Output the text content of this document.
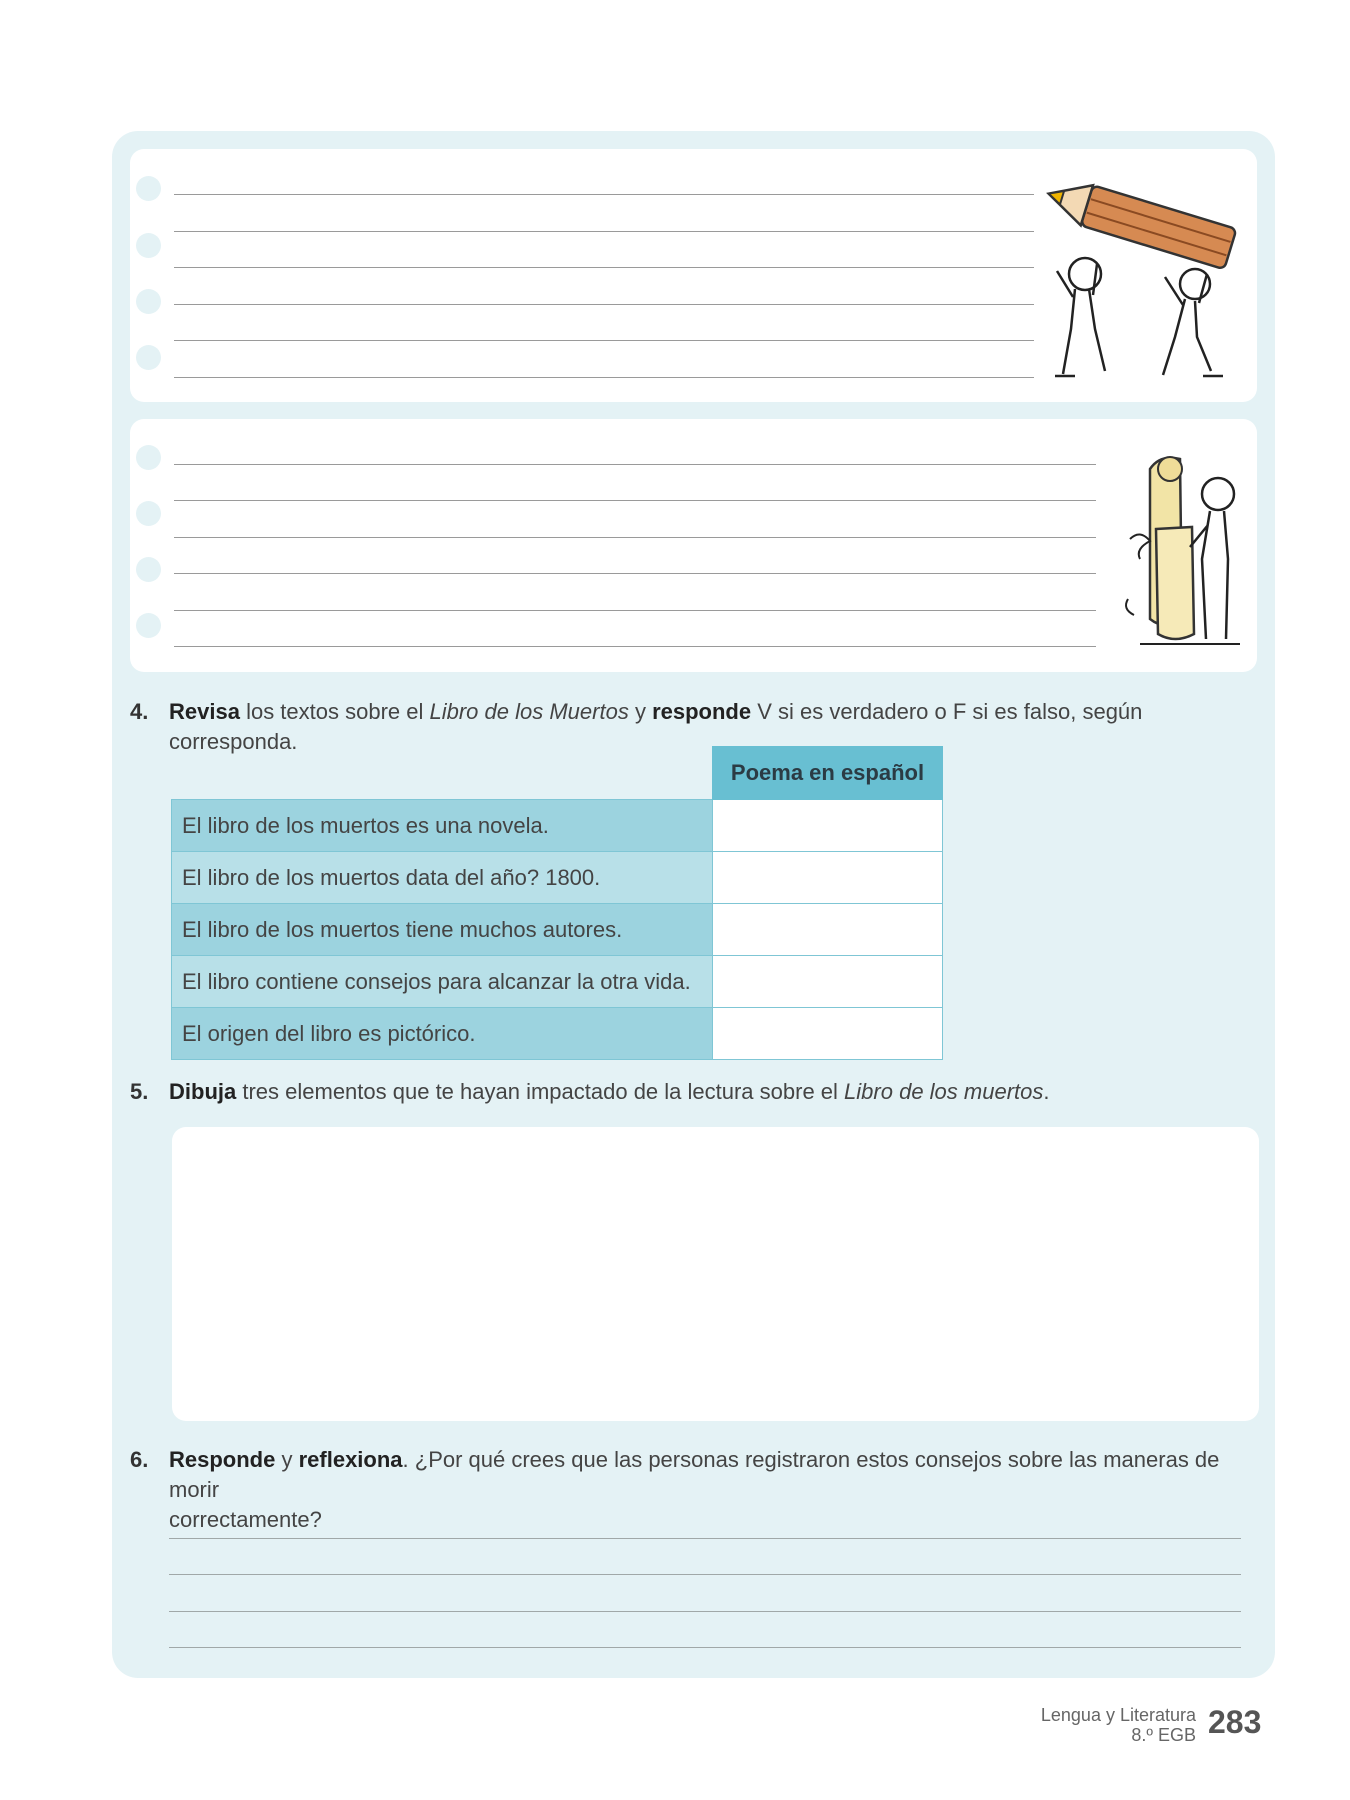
4. Revisa los textos sobre el Libro de los Muertos y responde V si es verdadero o F si es falso, según corresponda.
	Poema en español
El libro de los muertos es una novela.	
El libro de los muertos data del año? 1800.	
El libro de los muertos tiene muchos autores.	
El libro contiene consejos para alcanzar la otra vida.	
El origen del libro es pictórico.	
5. Dibuja tres elementos que te hayan impactado de la lectura sobre el Libro de los muertos.
6. Responde y reflexiona. ¿Por qué crees que las personas registraron estos consejos sobre las maneras de morir
correctamente?
Lengua y Literatura
8.º EGB 283
